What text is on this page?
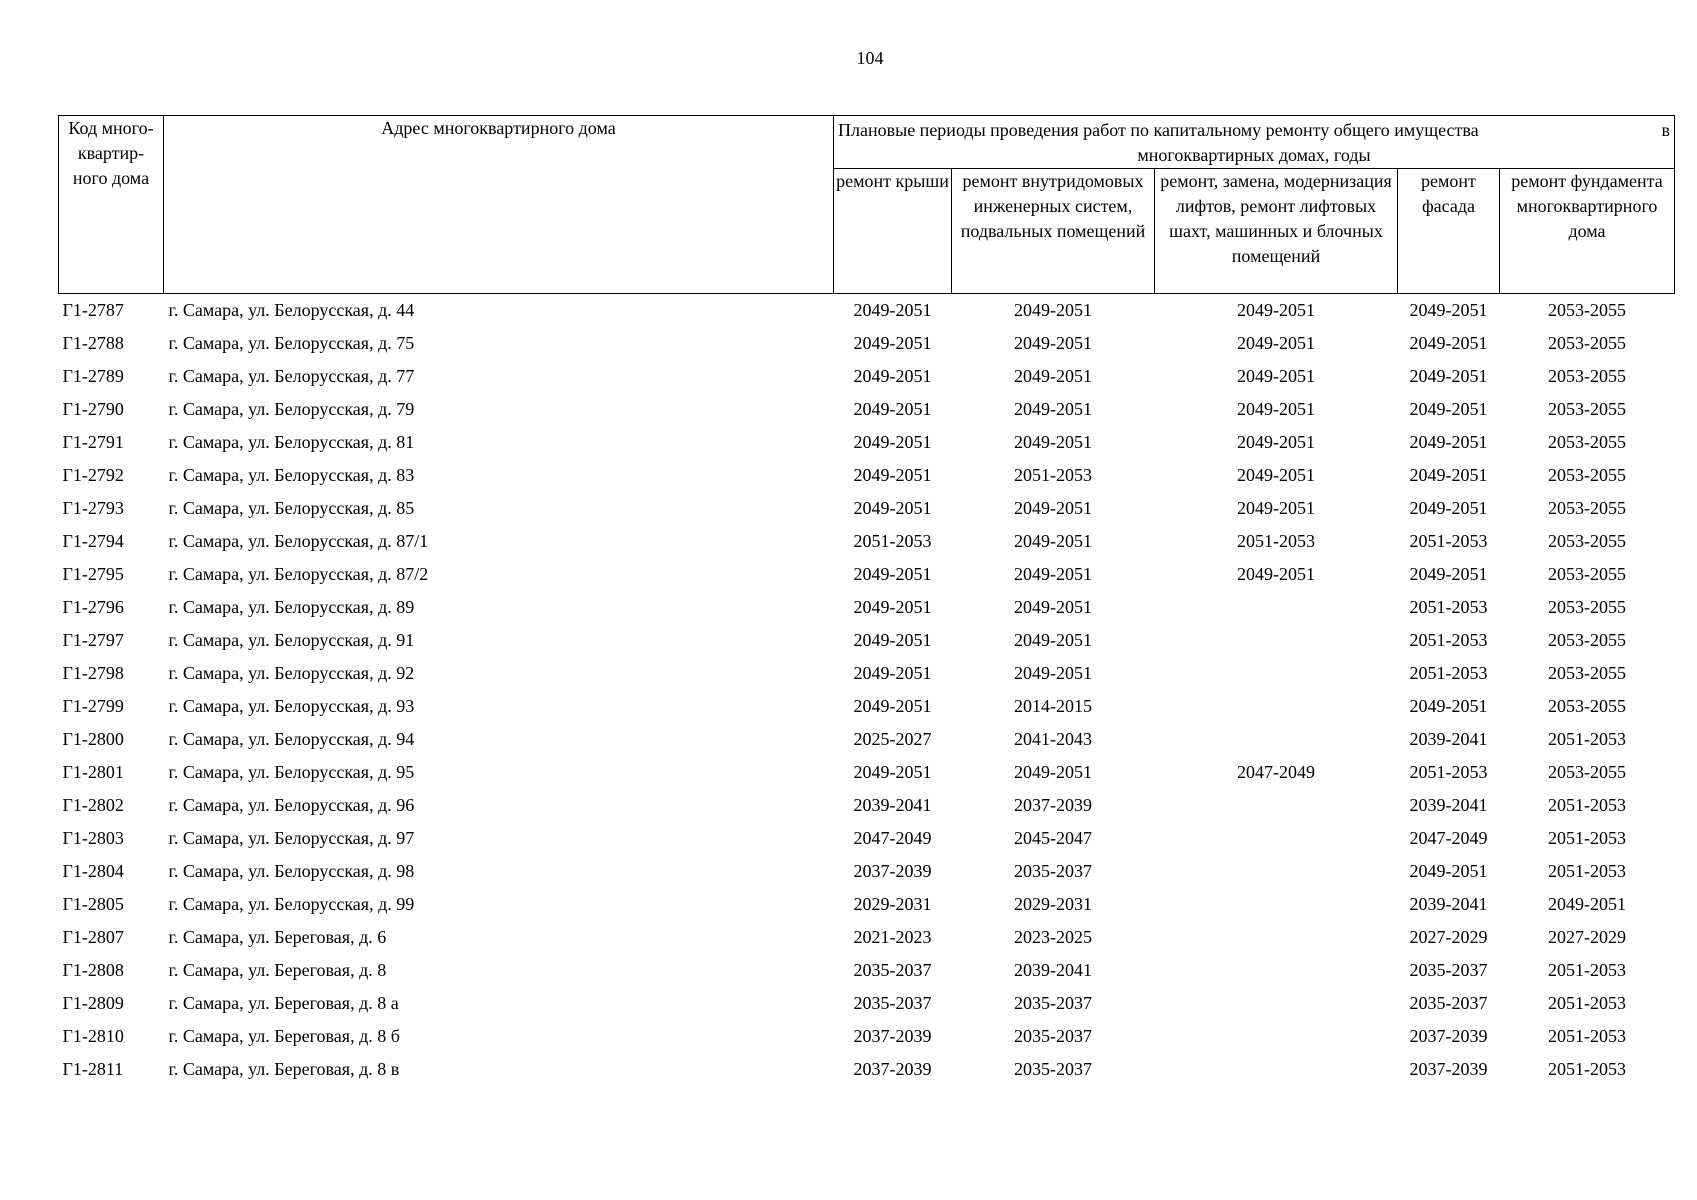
104
Код много-квартир-ного дома	Адрес многоквартирного дома	Плановые периоды проведения работ по капитальному ремонту общего имущества в
многоквартирных домах, годы				

		ремонт крыши	ремонт внутридомовых инженерных систем, подвальных помещений	ремонт, замена, модернизация лифтов, ремонт лифтовых шахт, машинных и блочных помещений	ремонт фасада	ремонт фундамента многоквартирного дома
Г1-2787	г. Самара, ул. Белорусская, д. 44	2049-2051	2049-2051	2049-2051	2049-2051	2053-2055
Г1-2788	г. Самара, ул. Белорусская, д. 75	2049-2051	2049-2051	2049-2051	2049-2051	2053-2055
Г1-2789	г. Самара, ул. Белорусская, д. 77	2049-2051	2049-2051	2049-2051	2049-2051	2053-2055
Г1-2790	г. Самара, ул. Белорусская, д. 79	2049-2051	2049-2051	2049-2051	2049-2051	2053-2055
Г1-2791	г. Самара, ул. Белорусская, д. 81	2049-2051	2049-2051	2049-2051	2049-2051	2053-2055
Г1-2792	г. Самара, ул. Белорусская, д. 83	2049-2051	2051-2053	2049-2051	2049-2051	2053-2055
Г1-2793	г. Самара, ул. Белорусская, д. 85	2049-2051	2049-2051	2049-2051	2049-2051	2053-2055
Г1-2794	г. Самара, ул. Белорусская, д. 87/1	2051-2053	2049-2051	2051-2053	2051-2053	2053-2055
Г1-2795	г. Самара, ул. Белорусская, д. 87/2	2049-2051	2049-2051	2049-2051	2049-2051	2053-2055
Г1-2796	г. Самара, ул. Белорусская, д. 89	2049-2051	2049-2051		2051-2053	2053-2055
Г1-2797	г. Самара, ул. Белорусская, д. 91	2049-2051	2049-2051		2051-2053	2053-2055
Г1-2798	г. Самара, ул. Белорусская, д. 92	2049-2051	2049-2051		2051-2053	2053-2055
Г1-2799	г. Самара, ул. Белорусская, д. 93	2049-2051	2014-2015		2049-2051	2053-2055
Г1-2800	г. Самара, ул. Белорусская, д. 94	2025-2027	2041-2043		2039-2041	2051-2053
Г1-2801	г. Самара, ул. Белорусская, д. 95	2049-2051	2049-2051	2047-2049	2051-2053	2053-2055
Г1-2802	г. Самара, ул. Белорусская, д. 96	2039-2041	2037-2039		2039-2041	2051-2053
Г1-2803	г. Самара, ул. Белорусская, д. 97	2047-2049	2045-2047		2047-2049	2051-2053
Г1-2804	г. Самара, ул. Белорусская, д. 98	2037-2039	2035-2037		2049-2051	2051-2053
Г1-2805	г. Самара, ул. Белорусская, д. 99	2029-2031	2029-2031		2039-2041	2049-2051
Г1-2807	г. Самара, ул. Береговая, д. 6	2021-2023	2023-2025		2027-2029	2027-2029
Г1-2808	г. Самара, ул. Береговая, д. 8	2035-2037	2039-2041		2035-2037	2051-2053
Г1-2809	г. Самара, ул. Береговая, д. 8 а	2035-2037	2035-2037		2035-2037	2051-2053
Г1-2810	г. Самара, ул. Береговая, д. 8 б	2037-2039	2035-2037		2037-2039	2051-2053
Г1-2811	г. Самара, ул. Береговая, д. 8 в	2037-2039	2035-2037		2037-2039	2051-2053
